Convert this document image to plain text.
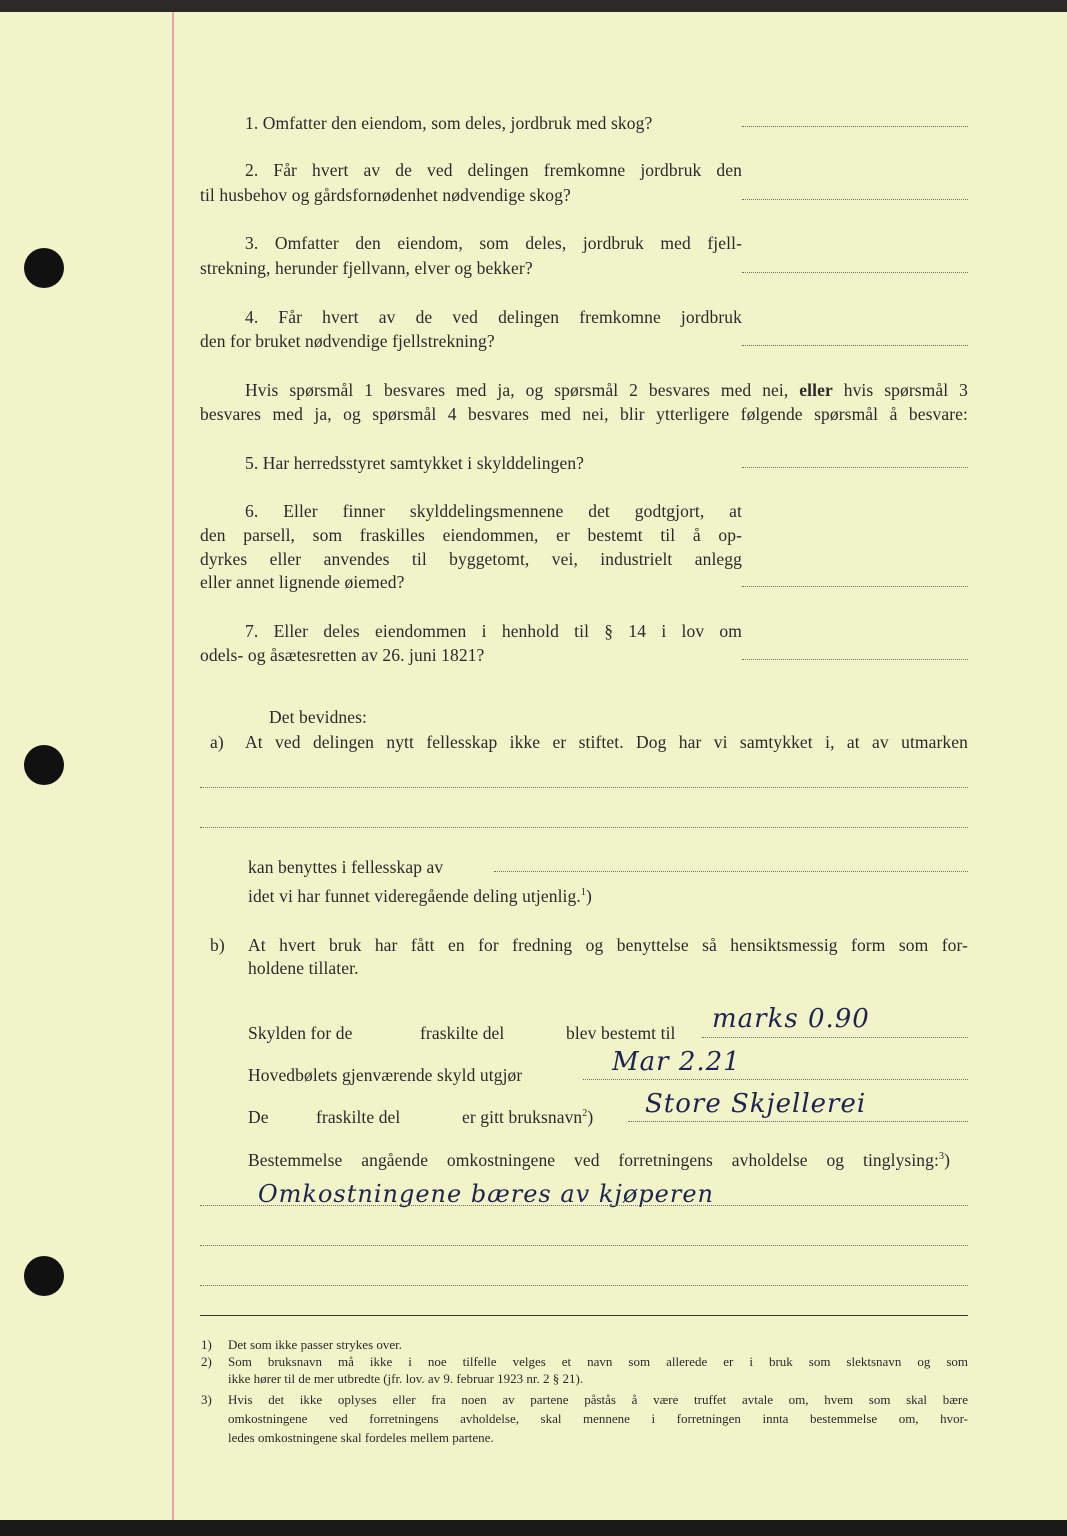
1. Omfatter den eiendom, som deles, jordbruk med skog?
2. Får hvert av de ved delingen fremkomne jordbruk den
til husbehov og gårdsfornødenhet nødvendige skog?
3. Omfatter den eiendom, som deles, jordbruk med fjell-
strekning, herunder fjellvann, elver og bekker?
4. Får hvert av de ved delingen fremkomne jordbruk
den for bruket nødvendige fjellstrekning?
Hvis spørsmål 1 besvares med ja, og spørsmål 2 besvares med nei, eller hvis spørsmål 3
besvares med ja, og spørsmål 4 besvares med nei, blir ytterligere følgende spørsmål å besvare:
5. Har herredsstyret samtykket i skylddelingen?
6. Eller finner skylddelingsmennene det godtgjort, at
den parsell, som fraskilles eiendommen, er bestemt til å op-
dyrkes eller anvendes til byggetomt, vei, industrielt anlegg
eller annet lignende øiemed?
7. Eller deles eiendommen i henhold til § 14 i lov om
odels- og åsætesretten av 26. juni 1821?
Det bevidnes:
a) At ved delingen nytt fellesskap ikke er stiftet. Dog har vi samtykket i, at av utmarken
kan benyttes i fellesskap av
idet vi har funnet videregående deling utjenlig.$^1$)
b) At hvert bruk har fått en for fredning og benyttelse så hensiktsmessig form som for-
holdene tillater.
Skylden for de	fraskilte del	blev bestemt til marks 0.90
Hovedbølets gjenværende skyld utgjør	Mar 2.21
De	fraskilte del	er gitt bruksnavn$^2$) Store Skjellerei
Bestemmelse angående omkostningene ved forretningens avholdelse og tinglysing:$^3$)
Omkostningene bæres av kjøperen
1) Det som ikke passer strykes over.
2) Som bruksnavn må ikke i noe tilfelle velges et navn som allerede er i bruk som slektsnavn og som
ikke hører til de mer utbredte (jfr. lov. av 9. februar 1923 nr. 2 § 21).
3) Hvis det ikke oplyses eller fra noen av partene påstås å være truffet avtale om, hvem som skal bære
omkostningene ved forretningens avholdelse, skal mennene i forretningen innta bestemmelse om, hvor-
ledes omkostningene skal fordeles mellem partene.
